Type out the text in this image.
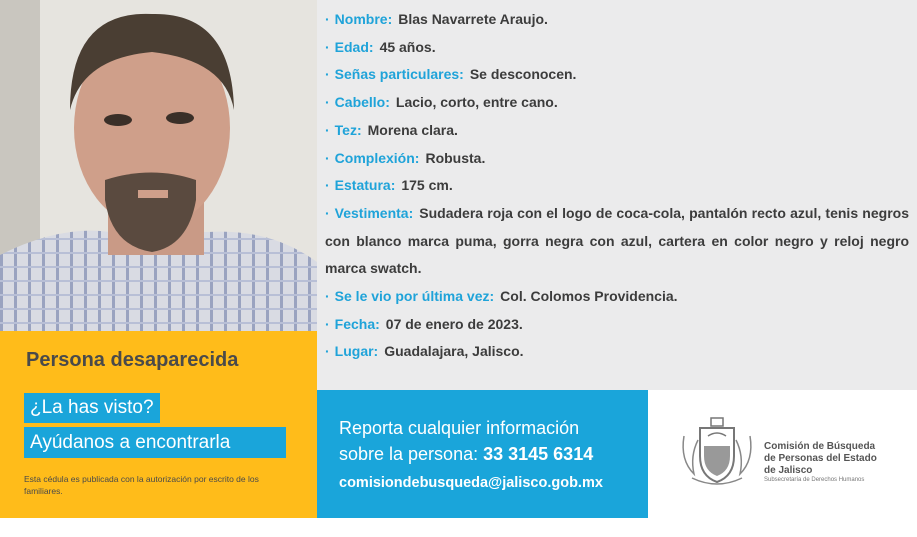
· Nombre: Blas Navarrete Araujo.
· Edad: 45 años.
· Señas particulares: Se desconocen.
· Cabello: Lacio, corto, entre cano.
· Tez: Morena clara.
· Complexión: Robusta.
· Estatura: 175 cm.
· Vestimenta: Sudadera roja con el logo de coca-cola, pantalón recto azul, tenis negros con blanco marca puma, gorra negra con azul, cartera en color negro y reloj negro marca swatch.
· Se le vio por última vez: Col. Colomos Providencia.
· Fecha: 07 de enero de 2023.
· Lugar: Guadalajara, Jalisco.
Persona desaparecida
¿La has visto?
Ayúdanos a encontrarla
Esta cédula es publicada con la autorización por escrito de los familiares.
Reporta cualquier información
sobre la persona: 33 3145 6314
comisiondebusqueda@jalisco.gob.mx
Comisión de Búsqueda
de Personas del Estado
de Jalisco
Subsecretaría de Derechos Humanos
